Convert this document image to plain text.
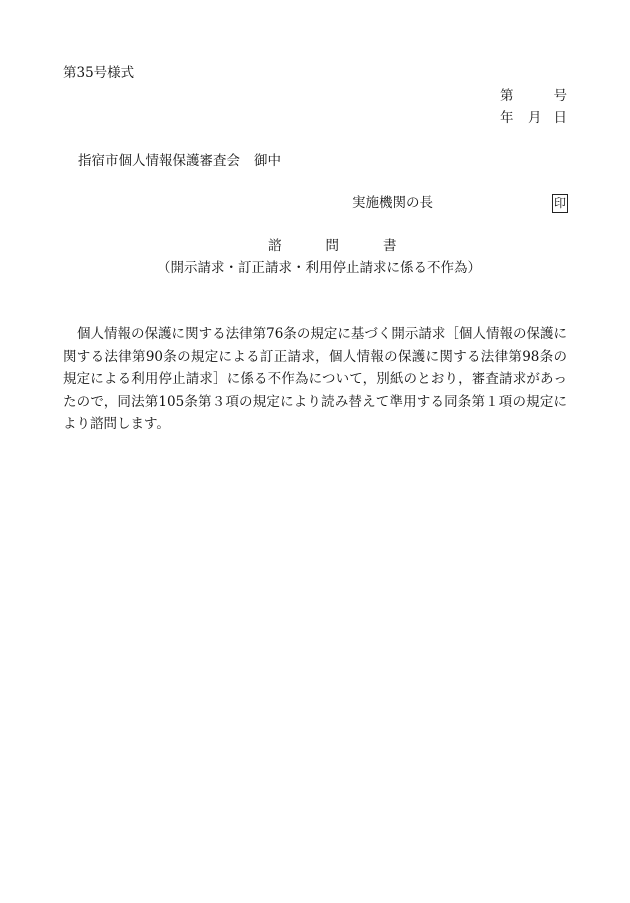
第35号様式
第	号
年 月 日
指宿市個人情報保護審査会 御中
実施機関の長	印
諮	問	書
（開示請求・訂正請求・利用停止請求に係る不作為）
個人情報の保護に関する法律第76条の規定に基づく開示請求［個人情報の保護に関する法律第90条の規定による訂正請求，個人情報の保護に関する法律第98条の規定による利用停止請求］に係る不作為について，別紙のとおり，審査請求があったので，同法第105条第３項の規定により読み替えて準用する同条第１項の規定により諮問します。
